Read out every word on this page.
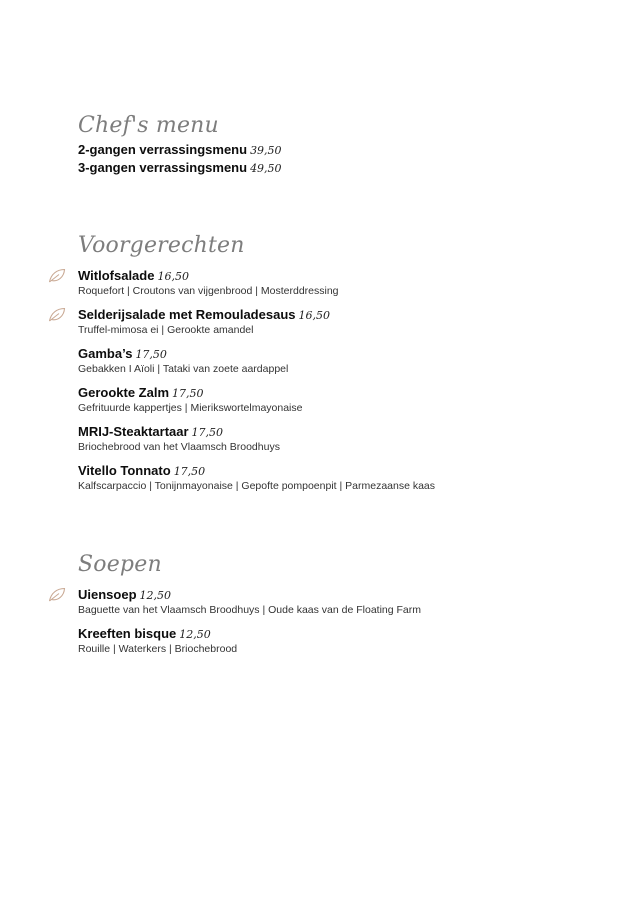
Chef's menu
2-gangen verrassingsmenu 39,50
3-gangen verrassingsmenu 49,50
Voorgerechten
Witlofsalade 16,50
Roquefort | Croutons van vijgenbrood | Mosterddressing
Selderijsalade met Remouladesaus 16,50
Truffel-mimosa ei | Gerookte amandel
Gamba’s 17,50
Gebakken I Aïoli | Tataki van zoete aardappel
Gerookte Zalm 17,50
Gefrituurde kappertjes | Mierikswortelmayonaise
MRIJ-Steaktartaar 17,50
Briochebrood van het Vlaamsch Broodhuys
Vitello Tonnato 17,50
Kalfscarpaccio | Tonijnmayonaise | Gepofte pompoenpit | Parmezaanse kaas
Soepen
Uiensoep 12,50
Baguette van het Vlaamsch Broodhuys | Oude kaas van de Floating Farm
Kreeften bisque 12,50
Rouille | Waterkers | Briochebrood
